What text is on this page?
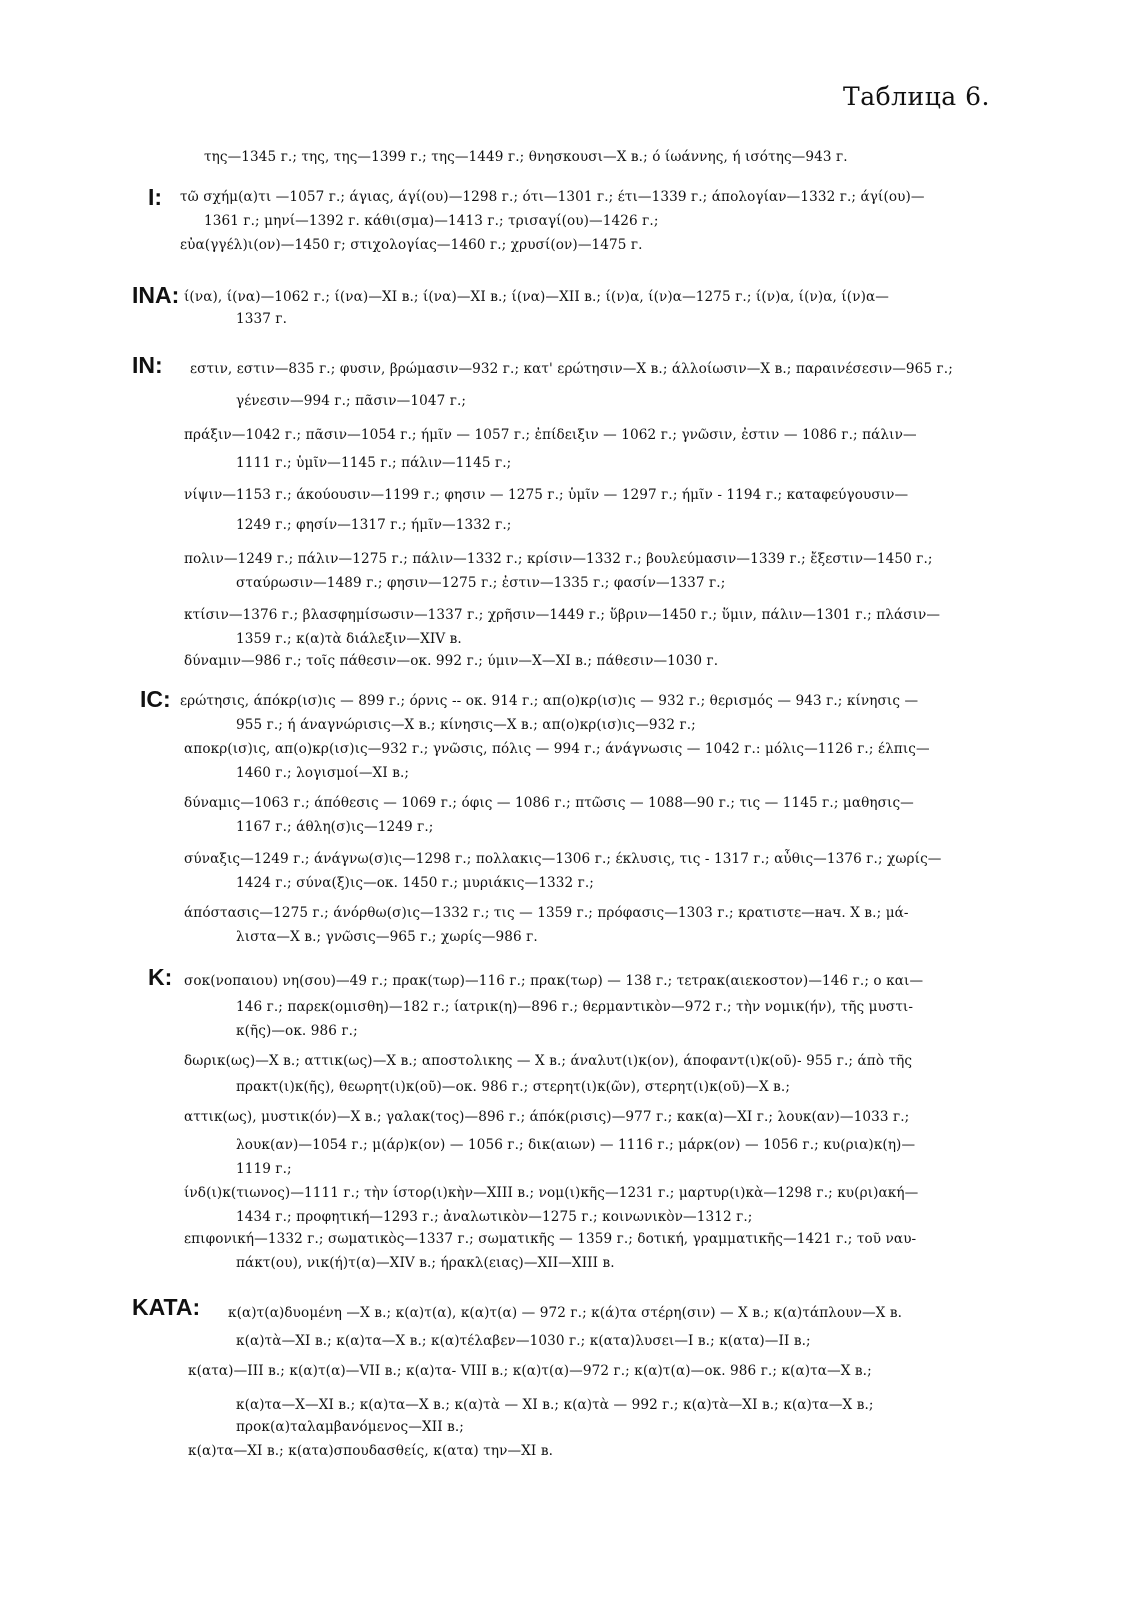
Таблица 6.
της—1345 г.; της, της—1399 г.; της—1449 г.; θνησκουσι—X в.; ό ίωάννης, ή ισότης—943 г.
I: τῶ σχήμ(α)τι —1057 г.; άγιας, άγί(ου)—1298 г.; ότι—1301 г.; έτι—1339 г.; άπολογίαν—1332 г.; άγί(ου)—
1361 г.; μηνί—1392 г. κάθι(σμα)—1413 г.; τρισαγί(ου)—1426 г.;
εὐα(γγέλ)ι(ον)—1450 г; στιχολογίας—1460 г.; χρυσί(ον)—1475 г.
INA: ί(να), ί(να)—1062 г.; ί(να)—XI в.; ί(να)—XI в.; ί(να)—XII в.; ί(ν)α, ί(ν)α—1275 г.; ί(ν)α, ί(ν)α, ί(ν)α—
1337 г.
IN: εστιν, εστιν—835 г.; φυσιν, βρώμασιν—932 г.; κατ' ερώτησιν—X в.; άλλοίωσιν—X в.; παραινέσεσιν—965 г.;
γένεσιν—994 г.; πᾶσιν—1047 г.;
πράξιν—1042 г.; πᾶσιν—1054 г.; ήμῖν — 1057 г.; ἐπίδειξιν — 1062 г.; γνῶσιν, ἐστιν — 1086 г.; πάλιν—
1111 г.; ὑμῖν—1145 г.; πάλιν—1145 г.;
νίψιν—1153 г.; άκούουσιν—1199 г.; φησιν — 1275 г.; ὑμῖν — 1297 г.; ήμῖν - 1194 г.; καταφεύγουσιν—
1249 г.; φησίν—1317 г.; ήμῖν—1332 г.;
πολιν—1249 г.; πάλιν—1275 г.; πάλιν—1332 г.; κρίσιν—1332 г.; βουλεύμασιν—1339 г.; ἔξεστιν—1450 г.;
σταύρωσιν—1489 г.; φησιν—1275 г.; ἐστιν—1335 г.; φασίν—1337 г.;
κτίσιν—1376 г.; βλασφημίσωσιν—1337 г.; χρῆσιν—1449 г.; ὕβριν—1450 г.; ὕμιν, πάλιν—1301 г.; πλάσιν—
1359 г.; κ(α)τὰ διάλεξιν—XIV в.
δύναμιν—986 г.; τοῖς πάθεσιν—ок. 992 г.; ύμιν—X—XI в.; πάθεσιν—1030 г.
IC: ερώτησις, άπόκρ(ισ)ις — 899 г.; όρνις -- ок. 914 г.; απ(ο)κρ(ισ)ις — 932 г.; θερισμός — 943 г.; κίνησις —
955 г.; ή άναγνώρισις—X в.; κίνησις—X в.; απ(ο)κρ(ισ)ις—932 г.;
αποκρ(ισ)ις, απ(ο)κρ(ισ)ις—932 г.; γνῶσις, πόλις — 994 г.; άνάγνωσις — 1042 г.: μόλις—1126 г.; έλπις—
1460 г.; λογισμοί—XI в.;
δύναμις—1063 г.; άπόθεσις — 1069 г.; όφις — 1086 г.; πτῶσις — 1088—90 г.; τις — 1145 г.; μαθησις—
1167 г.; άθλη(σ)ις—1249 г.;
σύναξις—1249 г.; άνάγνω(σ)ις—1298 г.; πολλακις—1306 г.; έκλυσις, τις - 1317 г.; αὖθις—1376 г.; χωρίς—
1424 г.; σύνα(ξ)ις—ок. 1450 г.; μυριάκις—1332 г.;
άπόστασις—1275 г.; άνόρθω(σ)ις—1332 г.; τις — 1359 г.; πρόφασις—1303 г.; κρατιστε—нач. X в.; μά-
λιστα—X в.; γνῶσις—965 г.; χωρίς—986 г.
K: σοκ(νοπαιου) νη(σου)—49 г.; πρακ(τωρ)—116 г.; πρακ(τωρ) — 138 г.; τετρακ(αιεκοστον)—146 г.; ο και—
146 г.; παρεκ(ομισθη)—182 г.; ίατρικ(η)—896 г.; θερμαντικὸν—972 г.; τὴν νομικ(ήν), τῆς μυστι-
κ(ῆς)—ок. 986 г.;
δωρικ(ως)—X в.; αττικ(ως)—X в.; αποστολικης — X в.; άναλυτ(ι)κ(ον), άποφαντ(ι)κ(οῦ)- 955 г.; άπὸ τῆς
πρακτ(ι)κ(ῆς), θεωρητ(ι)κ(οῦ)—ок. 986 г.; στερητ(ι)κ(ῶν), στερητ(ι)κ(οῦ)—X в.;
αττικ(ως), μυστικ(όν)—X в.; γαλακ(τος)—896 г.; άπόκ(ρισις)—977 г.; κακ(α)—XI г.; λουκ(αν)—1033 г.;
λουκ(αν)—1054 г.; μ(άρ)κ(ον) — 1056 г.; δικ(αιων) — 1116 г.; μάρκ(ον) — 1056 г.; κυ(ρια)κ(η)—
1119 г.;
ίνδ(ι)κ(τιωνος)—1111 г.; τὴν ίστορ(ι)κὴν—XIII в.; νομ(ι)κῆς—1231 г.; μαρτυρ(ι)κὰ—1298 г.; κυ(ρι)ακή—
1434 г.; προφητική—1293 г.; ἀναλωτικὸν—1275 г.; κοινωνικὸν—1312 г.;
επιφονική—1332 г.; σωματικὸς—1337 г.; σωματικῆς — 1359 г.; δοτική, γραμματικῆς—1421 г.; τοῦ ναυ-
πάκτ(ου), νικ(ή)τ(α)—XIV в.; ήρακλ(ειας)—XII—XIII в.
KATA: κ(α)τ(α)δυομένη —X в.; κ(α)τ(α), κ(α)τ(α) — 972 г.; κ(ά)τα στέρη(σιν) — X в.; κ(α)τάπλουν—X в.
κ(α)τὰ—XI в.; κ(α)τα—X в.; κ(α)τέλαβεν—1030 г.; κ(ατα)λυσει—I в.; κ(ατα)—II в.;
κ(ατα)—III в.; κ(α)τ(α)—VII в.; κ(α)τα- VIII в.; κ(α)τ(α)—972 г.; κ(α)τ(α)—ок. 986 г.; κ(α)τα—X в.;
κ(α)τα—X—XI в.; κ(α)τα—X в.; κ(α)τὰ — XI в.; κ(α)τὰ — 992 г.; κ(α)τὰ—XI в.; κ(α)τα—X в.;
προκ(α)ταλαμβανόμενος—XII в.;
κ(α)τα—XI в.; κ(ατα)σπουδασθείς, κ(ατα) την—XI в.
